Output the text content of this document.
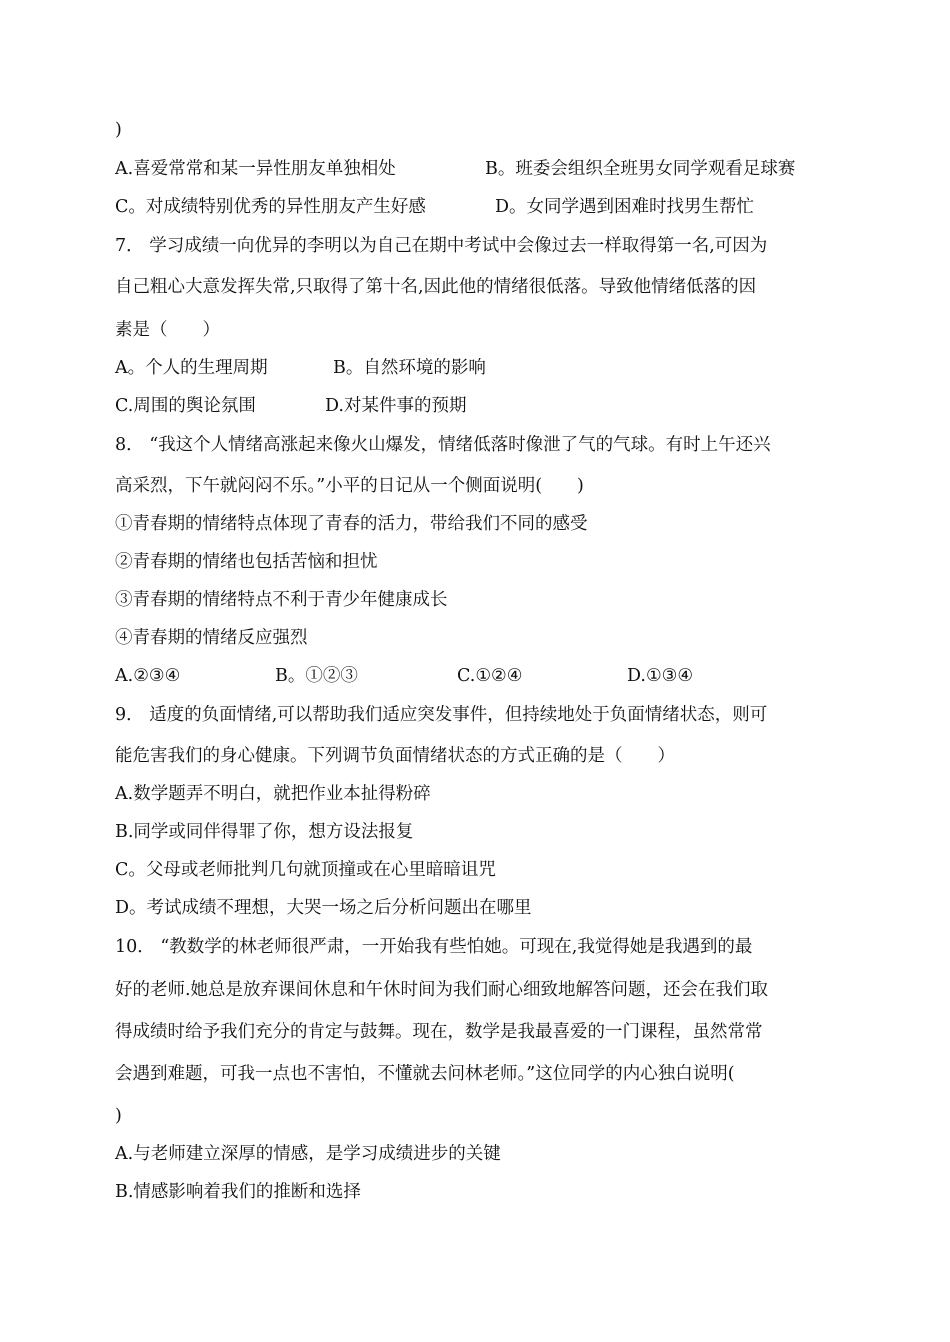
)
A.喜爱常常和某一异性朋友单独相处	B。班委会组织全班男女同学观看足球赛
C。对成绩特别优秀的异性朋友产生好感	D。女同学遇到困难时找男生帮忙
7． 学习成绩一向优异的李明以为自己在期中考试中会像过去一样取得第一名,可因为
自己粗心大意发挥失常,只取得了第十名,因此他的情绪很低落。导致他情绪低落的因
素是（　　）
A。个人的生理周期	B。自然环境的影响
C.周围的舆论氛围	D.对某件事的预期
8． “我这个人情绪高涨起来像火山爆发，情绪低落时像泄了气的气球。有时上午还兴
高采烈，下午就闷闷不乐。”小平的日记从一个侧面说明(　　)
①青春期的情绪特点体现了青春的活力，带给我们不同的感受
②青春期的情绪也包括苦恼和担忧
③青春期的情绪特点不利于青少年健康成长
④青春期的情绪反应强烈
A.②③④	B。①②③	C.①②④	D.①③④
9． 适度的负面情绪,可以帮助我们适应突发事件，但持续地处于负面情绪状态，则可
能危害我们的身心健康。下列调节负面情绪状态的方式正确的是（　　）
A.数学题弄不明白，就把作业本扯得粉碎
B.同学或同伴得罪了你，想方设法报复
C。父母或老师批判几句就顶撞或在心里暗暗诅咒
D。考试成绩不理想，大哭一场之后分析问题出在哪里
10． “教数学的林老师很严肃，一开始我有些怕她。可现在,我觉得她是我遇到的最
好的老师.她总是放弃课间休息和午休时间为我们耐心细致地解答问题，还会在我们取
得成绩时给予我们充分的肯定与鼓舞。现在，数学是我最喜爱的一门课程，虽然常常
会遇到难题，可我一点也不害怕，不懂就去问林老师。”这位同学的内心独白说明(
)
A.与老师建立深厚的情感，是学习成绩进步的关键
B.情感影响着我们的推断和选择
